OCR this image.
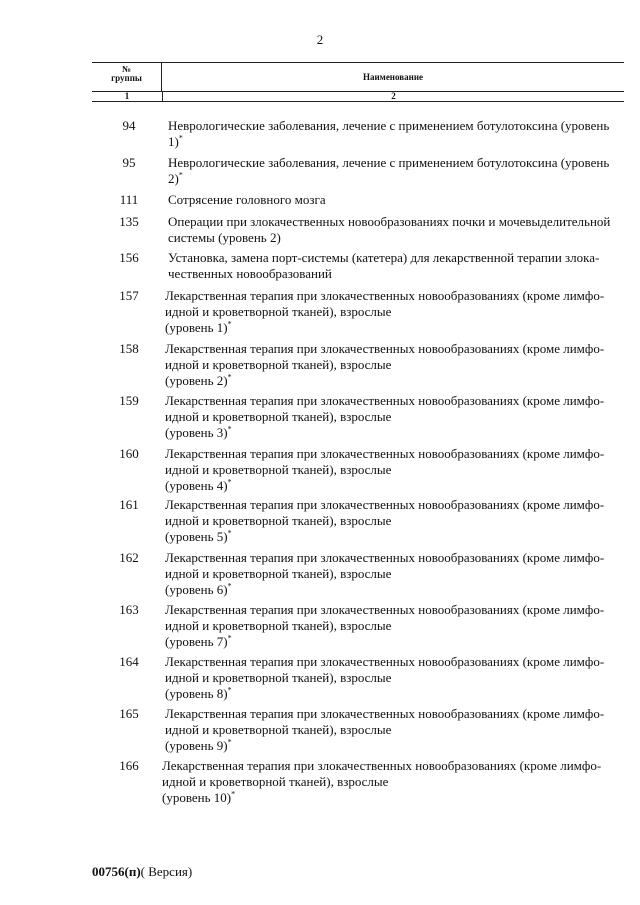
2
№
группы	Наименование
1	2
94	Неврологические заболевания, лечение с применением ботулотоксина (уровень
1)*
95	Неврологические заболевания, лечение с применением ботулотоксина (уровень
2)*
111	Сотрясение головного мозга
135	Операции при злокачественных новообразованиях почки и мочевыделительной
системы (уровень 2)
156	Установка, замена порт-системы (катетера) для лекарственной терапии злока-
чественных новообразований
157	Лекарственная терапия при злокачественных новообразованиях (кроме лимфо-
идной и кроветворной тканей), взрослые
(уровень 1)*
158	Лекарственная терапия при злокачественных новообразованиях (кроме лимфо-
идной и кроветворной тканей), взрослые
(уровень 2)*
159	Лекарственная терапия при злокачественных новообразованиях (кроме лимфо-
идной и кроветворной тканей), взрослые
(уровень 3)*
160	Лекарственная терапия при злокачественных новообразованиях (кроме лимфо-
идной и кроветворной тканей), взрослые
(уровень 4)*
161	Лекарственная терапия при злокачественных новообразованиях (кроме лимфо-
идной и кроветворной тканей), взрослые
(уровень 5)*
162	Лекарственная терапия при злокачественных новообразованиях (кроме лимфо-
идной и кроветворной тканей), взрослые
(уровень 6)*
163	Лекарственная терапия при злокачественных новообразованиях (кроме лимфо-
идной и кроветворной тканей), взрослые
(уровень 7)*
164	Лекарственная терапия при злокачественных новообразованиях (кроме лимфо-
идной и кроветворной тканей), взрослые
(уровень 8)*
165	Лекарственная терапия при злокачественных новообразованиях (кроме лимфо-
идной и кроветворной тканей), взрослые
(уровень 9)*
166	Лекарственная терапия при злокачественных новообразованиях (кроме лимфо-
идной и кроветворной тканей), взрослые
(уровень 10)*
00756(п)( Версия)
